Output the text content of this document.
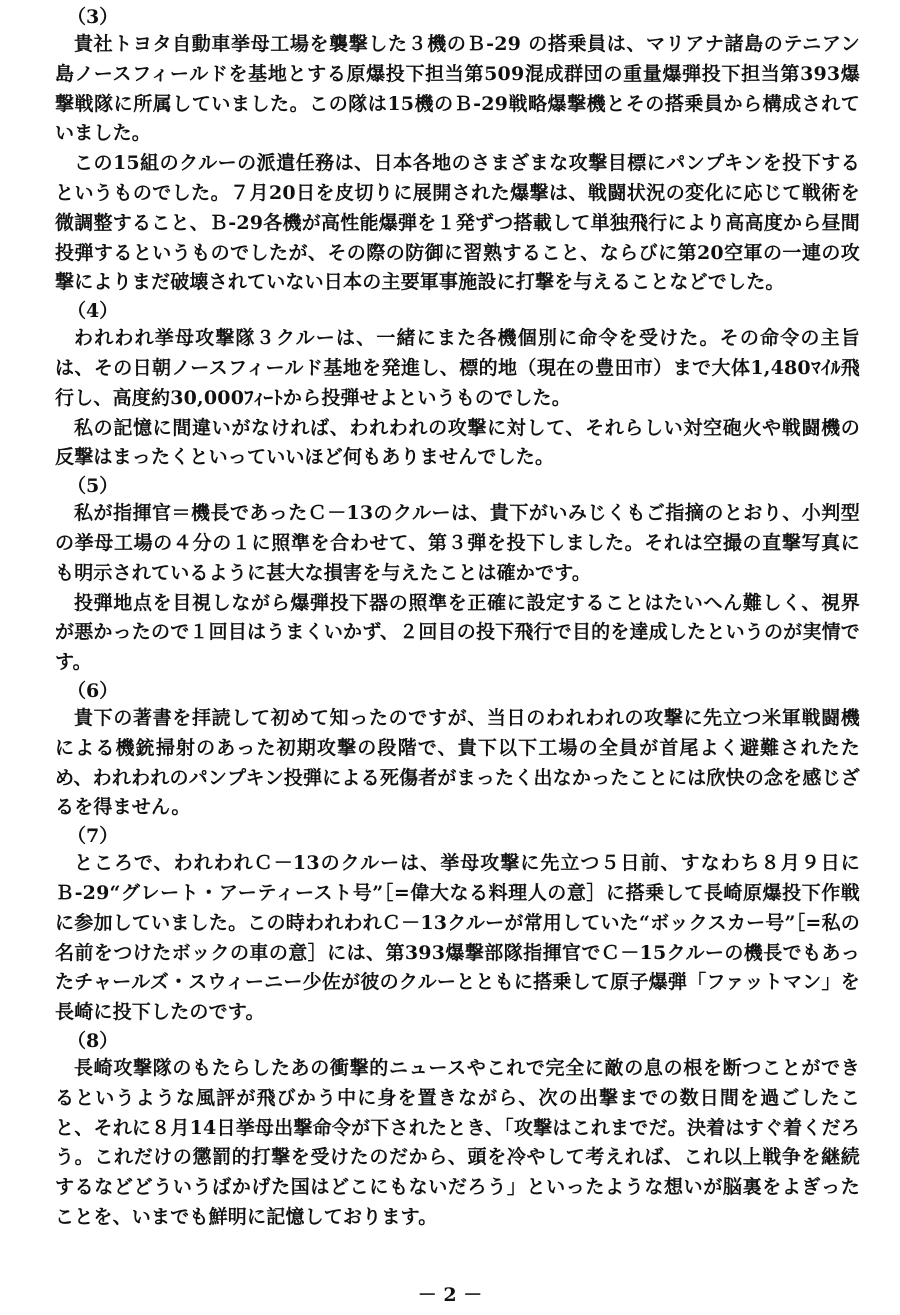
（3）

貴社トヨタ自動車挙母工場を襲撃した３機のＢ-29 の搭乗員は、マリアナ諸島のテニアン島ノースフィールドを基地とする原爆投下担当第509混成群団の重量爆弾投下担当第393爆撃戦隊に所属していました。この隊は15機のＢ-29戦略爆撃機とその搭乗員から構成されていました。

この15組のクルーの派遣任務は、日本各地のさまざまな攻撃目標にパンプキンを投下するというものでした。７月20日を皮切りに展開された爆撃は、戦闘状況の変化に応じて戦術を微調整すること、Ｂ-29各機が高性能爆弾を１発ずつ搭載して単独飛行により高高度から昼間投弾するというものでしたが、その際の防御に習熟すること、ならびに第20空軍の一連の攻撃によりまだ破壊されていない日本の主要軍事施設に打撃を与えることなどでした。

（4）

われわれ挙母攻撃隊３クルーは、一緒にまた各機個別に命令を受けた。その命令の主旨は、その日朝ノースフィールド基地を発進し、標的地（現在の豊田市）まで大体1,480ﾏｲﾙ飛行し、高度約30,000ﾌｨｰﾄから投弾せよというものでした。

私の記憶に間違いがなければ、われわれの攻撃に対して、それらしい対空砲火や戦闘機の反撃はまったくといっていいほど何もありませんでした。

（5）

私が指揮官＝機長であったＣ－13のクルーは、貴下がいみじくもご指摘のとおり、小判型の挙母工場の４分の１に照準を合わせて、第３弾を投下しました。それは空撮の直撃写真にも明示されているように甚大な損害を与えたことは確かです。

投弾地点を目視しながら爆弾投下器の照準を正確に設定することはたいへん難しく、視界が悪かったので１回目はうまくいかず、２回目の投下飛行で目的を達成したというのが実情です。

（6）

貴下の著書を拝読して初めて知ったのですが、当日のわれわれの攻撃に先立つ米軍戦闘機による機銃掃射のあった初期攻撃の段階で、貴下以下工場の全員が首尾よく避難されたため、われわれのパンプキン投弾による死傷者がまったく出なかったことには欣快の念を感じざるを得ません。

（7）

ところで、われわれＣ－13のクルーは、挙母攻撃に先立つ５日前、すなわち８月９日にＢ-29“グレート・アーティースト号”［=偉大なる料理人の意］に搭乗して長崎原爆投下作戦に参加していました。この時われわれＣ－13クルーが常用していた“ボックスカー号”［=私の名前をつけたボックの車の意］には、第393爆撃部隊指揮官でＣ－15クルーの機長でもあったチャールズ・スウィーニー少佐が彼のクルーとともに搭乗して原子爆弾「ファットマン」を長崎に投下したのです。

（8）

長崎攻撃隊のもたらしたあの衝撃的ニュースやこれで完全に敵の息の根を断つことができるというような風評が飛びかう中に身を置きながら、次の出撃までの数日間を過ごしたこと、それに８月14日挙母出撃命令が下されたとき、「攻撃はこれまでだ。決着はすぐ着くだろう。これだけの懲罰的打撃を受けたのだから、頭を冷やして考えれば、これ以上戦争を継続するなどどういうばかげた国はどこにもないだろう」といったような想いが脳裏をよぎったことを、いまでも鮮明に記憶しております。

－ 2 －
